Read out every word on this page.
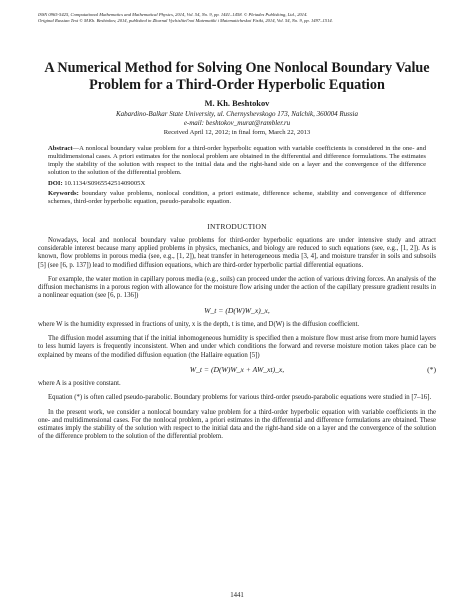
ISSN 0965-5425, Computational Mathematics and Mathematical Physics, 2014, Vol. 54, No. 9, pp. 1441–1458. © Pleiades Publishing, Ltd., 2014.
Original Russian Text © M.Kh. Beshtokov, 2014, published in Zhurnal Vychislitel'noi Matematiki i Matematicheskoi Fiziki, 2014, Vol. 54, No. 9, pp. 1497–1514.
A Numerical Method for Solving One Nonlocal Boundary Value
Problem for a Third-Order Hyperbolic Equation
M. Kh. Beshtokov
Kabardino-Balkar State University, ul. Chernyshevskogo 173, Nalchik, 360004 Russia
e-mail: beshtokov_murat@rambler.ru
Received April 12, 2012; in final form, March 22, 2013

Abstract—A nonlocal boundary value problem for a third-order hyperbolic equation with variable coefficients is considered in the one- and multidimensional cases. A priori estimates for the nonlocal problem are obtained in the differential and difference formulations. The estimates imply the stability of the solution with respect to the initial data and the right-hand side on a layer and the convergence of the difference solution to the solution of the differential problem.

DOI: 10.1134/S096554251409005X

Keywords: boundary value problems, nonlocal condition, a priori estimate, difference scheme, stability and convergence of difference schemes, third-order hyperbolic equation, pseudo-parabolic equation.

INTRODUCTION

Nowadays, local and nonlocal boundary value problems for third-order hyperbolic equations are under intensive study and attract considerable interest because many applied problems in physics, mechanics, and biology are reduced to such equations (see, e.g., [1, 2]). As is known, flow problems in porous media (see, e.g., [1, 2]), heat transfer in heterogeneous media [3, 4], and moisture transfer in soils and subsoils [5] (see [6, p. 137]) lead to modified diffusion equations, which are third-order hyperbolic partial differential equations.

For example, the water motion in capillary porous media (e.g., soils) can proceed under the action of various driving forces. An analysis of the diffusion mechanisms in a porous region with allowance for the moisture flow arising under the action of the capillary pressure gradient results in a nonlinear equation (see [6, p. 136])

W_t = (D(W)W_x)_x,

where W is the humidity expressed in fractions of unity, x is the depth, t is time, and D(W) is the diffusion coefficient.

The diffusion model assuming that if the initial inhomogeneous humidity is specified then a moisture flow must arise from more humid layers to less humid layers is frequently inconsistent. When and under which conditions the forward and reverse moisture motion takes place can be explained by means of the modified diffusion equation (the Hallaire equation [5])

W_t = (D(W)W_x + AW_xt)_x,	(*)

where A is a positive constant.

Equation (*) is often called pseudo-parabolic. Boundary problems for various third-order pseudo-parabolic equations were studied in [7–16].

In the present work, we consider a nonlocal boundary value problem for a third-order hyperbolic equation with variable coefficients in the one- and multidimensional cases. For the nonlocal problem, a priori estimates in the differential and difference formulations are obtained. These estimates imply the stability of the solution with respect to the initial data and the right-hand side on a layer and the convergence of the solution of the difference problem to the solution of the differential problem.

1441
